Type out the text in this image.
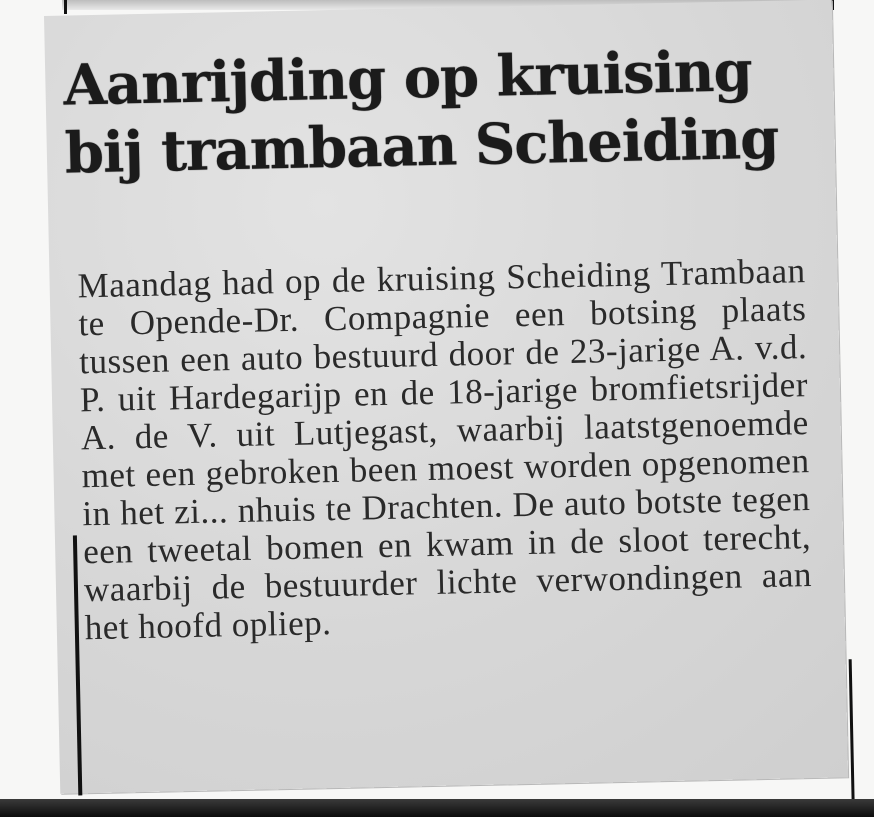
Aanrijding op kruising bij trambaan Scheiding

Maandag had op de kruising Scheiding Trambaan te Opende-Dr. Compagnie een botsing plaats tussen een auto bestuurd door de 23-jarige A. v.d. P. uit Hardegarijp en de 18-jarige bromfietsrijder A. de V. uit Lutjegast, waarbij laatstgenoemde met een gebroken been moest worden opgenomen in het zi... nhuis te Drachten. De auto botste tegen een tweetal bomen en kwam in de sloot terecht, waarbij de bestuurder lichte verwondingen aan het hoofd opliep.
